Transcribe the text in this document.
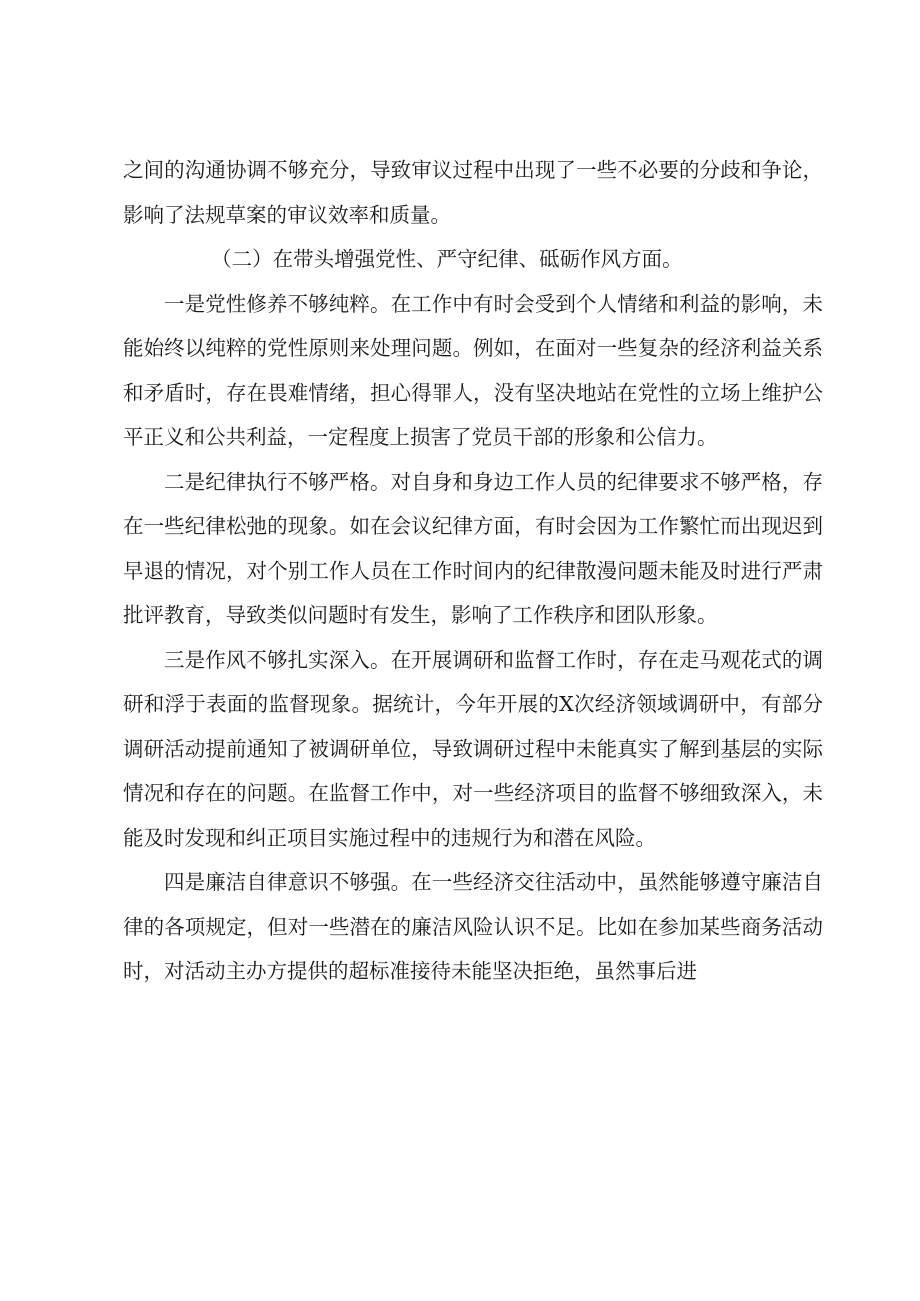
之间的沟通协调不够充分，导致审议过程中出现了一些不必要的分歧和争论，影响了法规草案的审议效率和质量。

（二）在带头增强党性、严守纪律、砥砺作风方面。

一是党性修养不够纯粹。在工作中有时会受到个人情绪和利益的影响，未能始终以纯粹的党性原则来处理问题。例如，在面对一些复杂的经济利益关系和矛盾时，存在畏难情绪，担心得罪人，没有坚决地站在党性的立场上维护公平正义和公共利益，一定程度上损害了党员干部的形象和公信力。

二是纪律执行不够严格。对自身和身边工作人员的纪律要求不够严格，存在一些纪律松弛的现象。如在会议纪律方面，有时会因为工作繁忙而出现迟到早退的情况，对个别工作人员在工作时间内的纪律散漫问题未能及时进行严肃批评教育，导致类似问题时有发生，影响了工作秩序和团队形象。

三是作风不够扎实深入。在开展调研和监督工作时，存在走马观花式的调研和浮于表面的监督现象。据统计，今年开展的X次经济领域调研中，有部分调研活动提前通知了被调研单位，导致调研过程中未能真实了解到基层的实际情况和存在的问题。在监督工作中，对一些经济项目的监督不够细致深入，未能及时发现和纠正项目实施过程中的违规行为和潜在风险。

四是廉洁自律意识不够强。在一些经济交往活动中，虽然能够遵守廉洁自律的各项规定，但对一些潜在的廉洁风险认识不足。比如在参加某些商务活动时，对活动主办方提供的超标准接待未能坚决拒绝，虽然事后进
